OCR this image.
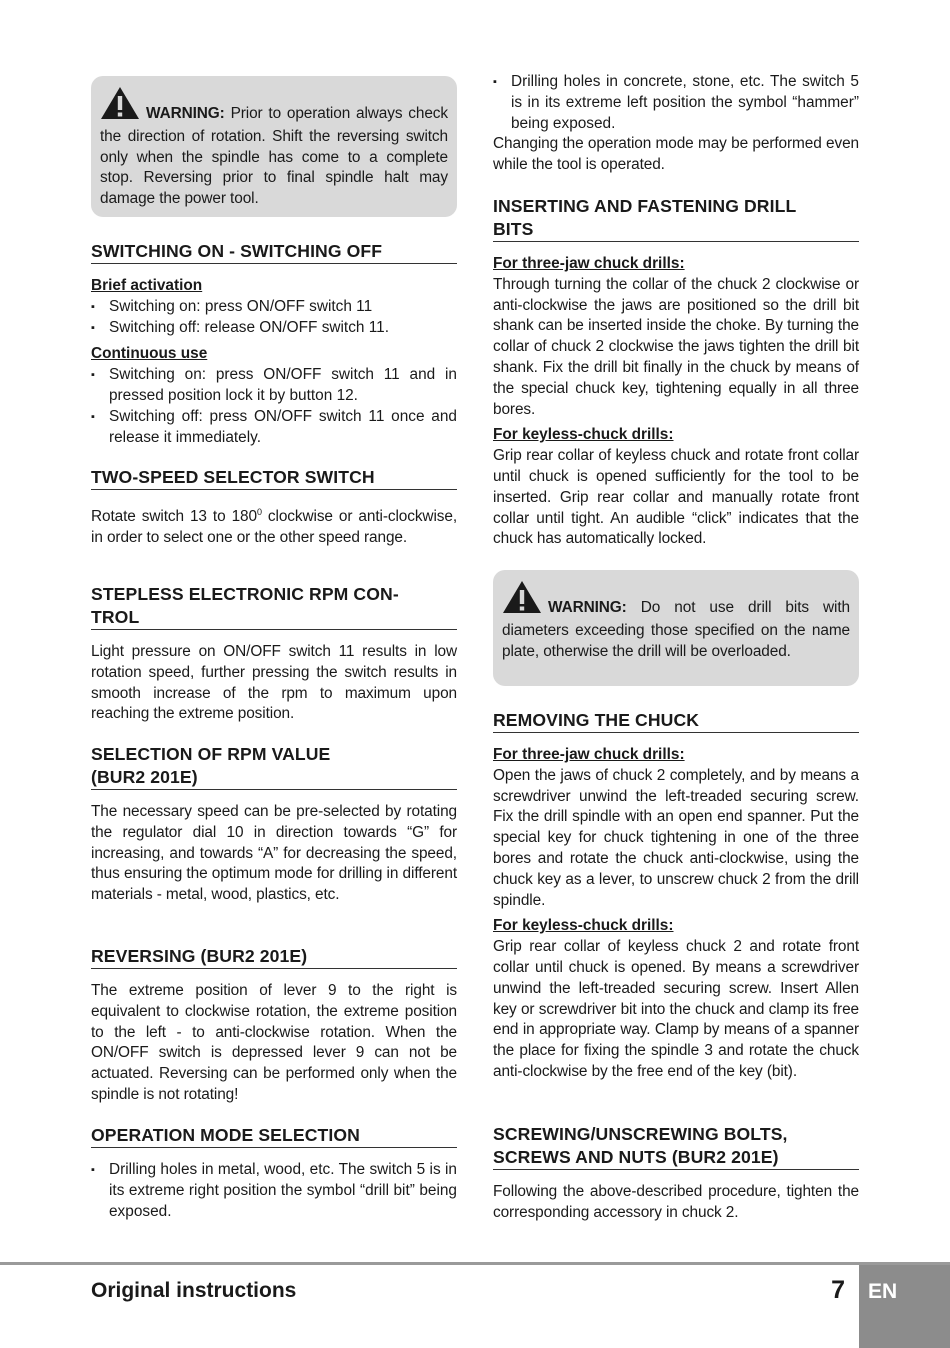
WARNING: Prior to operation always check the direction of rotation. Shift the reversing switch only when the spindle has come to a complete stop. Reversing prior to final spindle halt may damage the power tool.

SWITCHING ON - SWITCHING OFF

Brief activation

▪ Switching on: press ON/OFF switch 11
▪ Switching off: release ON/OFF switch 11.

Continuous use

▪ Switching on: press ON/OFF switch 11 and in pressed position lock it by button 12.
▪ Switching off: press ON/OFF switch 11 once and release it immediately.
TWO-SPEED SELECTOR SWITCH

Rotate switch 13 to $180^0$ clockwise or anti-clockwise, in order to select one or the other speed range.

STEPLESS ELECTRONIC RPM CON-
TROL

Light pressure on ON/OFF switch 11 results in low rotation speed, further pressing the switch results in smooth increase of the rpm to maximum upon reaching the extreme position.

SELECTION OF RPM VALUE
(BUR2 201E)

The necessary speed can be pre-selected by rotating the regulator dial 10 in direction towards “G” for increasing, and towards “A” for decreasing the speed, thus ensuring the optimum mode for drilling in different materials - metal, wood, plastics, etc.

REVERSING (BUR2 201E)

The extreme position of lever 9 to the right is equivalent to clockwise rotation, the extreme position to the left - to anti-clockwise rotation. When the ON/OFF switch is depressed lever 9 can not be actuated. Reversing can be performed only when the spindle is not rotating!

OPERATION MODE SELECTION
▪ Drilling holes in metal, wood, etc. The switch 5 is in its extreme right position the symbol “drill bit” being exposed.
▪ Drilling holes in concrete, stone, etc. The switch 5 is in its extreme left position the symbol “hammer” being exposed.

Changing the operation mode may be performed even while the tool is operated.

INSERTING AND FASTENING DRILL
BITS

For three-jaw chuck drills:

Through turning the collar of the chuck 2 clockwise or anti-clockwise the jaws are positioned so the drill bit shank can be inserted inside the choke. By turning the collar of chuck 2 clockwise the jaws tighten the drill bit shank. Fix the drill bit finally in the chuck by means of the special chuck key, tightening equally in all three bores.

For keyless-chuck drills:

Grip rear collar of keyless chuck and rotate front collar until chuck is opened sufficiently for the tool to be inserted. Grip rear collar and manually rotate front collar until tight. An audible “click” indicates that the chuck has automatically locked.

WARNING: Do not use drill bits with diameters exceeding those specified on the name plate, otherwise the drill will be overloaded.

REMOVING THE CHUCK

For three-jaw chuck drills:

Open the jaws of chuck 2 completely, and by means a screwdriver unwind the left-treaded securing screw. Fix the drill spindle with an open end spanner. Put the special key for chuck tightening in one of the three bores and rotate the chuck anti-clockwise, using the chuck key as a lever, to unscrew chuck 2 from the drill spindle.

For keyless-chuck drills:

Grip rear collar of keyless chuck 2 and rotate front collar until chuck is opened. By means a screwdriver unwind the left-treaded securing screw. Insert Allen key or screwdriver bit into the chuck and clamp its free end in appropriate way. Clamp by means of a spanner the place for fixing the spindle 3 and rotate the chuck anti-clockwise by the free end of the key (bit).

SCREWING/UNSCREWING BOLTS,
SCREWS AND NUTS (BUR2 201E)

Following the above-described procedure, tighten the corresponding accessory in chuck 2.

Original instructions	7 EN
